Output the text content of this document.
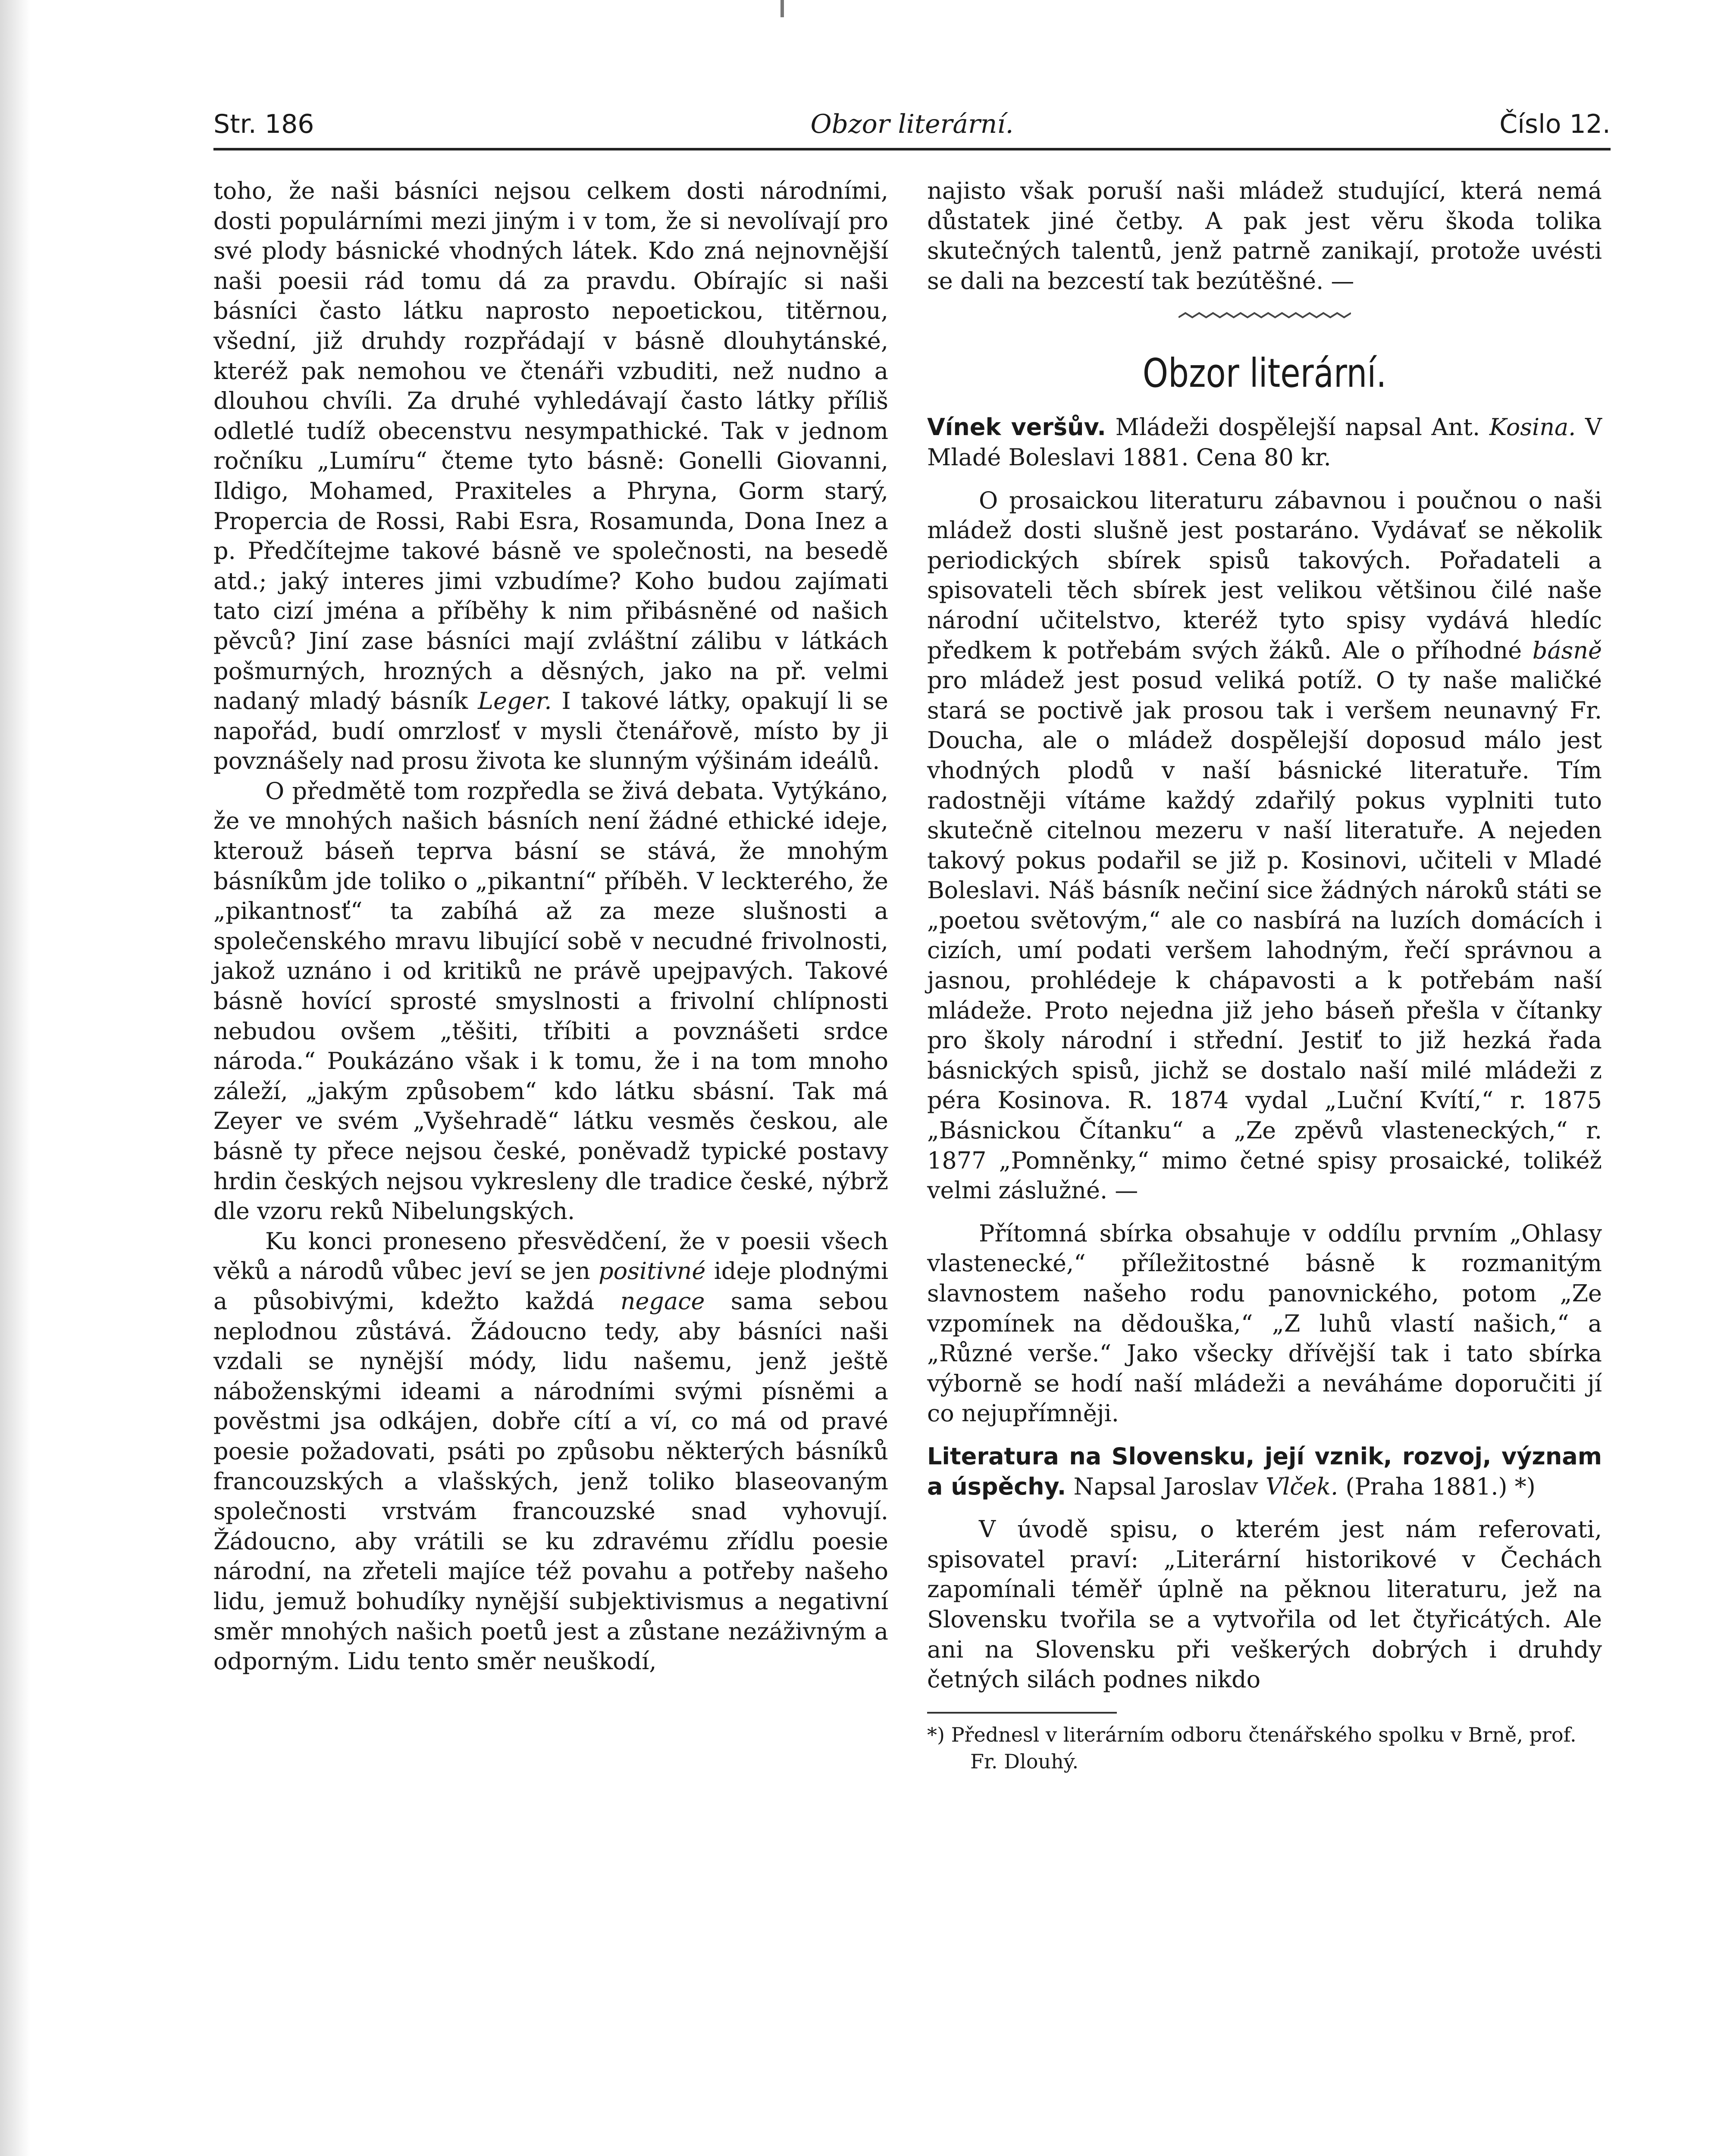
Str. 186	Obzor literární.	Číslo 12.

toho, že naši básníci nejsou celkem dosti národními, dosti populárními mezi jiným i v tom, že si nevolívají pro své plody básnické vhodných látek. Kdo zná nejnovnější naši poesii rád tomu dá za pravdu. Obírajíc si naši básníci často látku naprosto nepoetickou, titěrnou, všední, již druhdy rozpřádají v básně dlouhytánské, kteréž pak nemohou ve čtenáři vzbuditi, než nudno a dlouhou chvíli. Za druhé vyhledávají často látky příliš odletlé tudíž obecenstvu nesympathické. Tak v jednom ročníku „Lumíru“ čteme tyto básně: Gonelli Giovanni, Ildigo, Mohamed, Praxiteles a Phryna, Gorm starý, Propercia de Rossi, Rabi Esra, Rosamunda, Dona Inez a p. Předčítejme takové básně ve společnosti, na besedě atd.; jaký interes jimi vzbudíme? Koho budou zajímati tato cizí jména a příběhy k nim přibásněné od našich pěvců? Jiní zase básníci mají zvláštní zálibu v látkách pošmurných, hrozných a děsných, jako na př. velmi nadaný mladý básník Leger. I takové látky, opakují li se napořád, budí omrzlosť v mysli čtenářově, místo by ji povznášely nad prosu života ke slunným výšinám ideálů.

O předmětě tom rozpředla se živá debata. Vytýkáno, že ve mnohých našich básních není žádné ethické ideje, kterouž báseň teprva básní se stává, že mnohým básníkům jde toliko o „pikantní“ příběh. V leckterého, že „pikantnosť“ ta zabíhá až za meze slušnosti a společenského mravu libující sobě v necudné frivolnosti, jakož uznáno i od kritiků ne právě upejpavých. Takové básně hovící sprosté smyslnosti a frivolní chlípnosti nebudou ovšem „těšiti, tříbiti a povznášeti srdce národa.“ Poukázáno však i k tomu, že i na tom mnoho záleží, „jakým způsobem“ kdo látku sbásní. Tak má Zeyer ve svém „Vyšehradě“ látku vesměs českou, ale básně ty přece nejsou české, poněvadž typické postavy hrdin českých nejsou vykresleny dle tradice české, nýbrž dle vzoru reků Nibelungských.

Ku konci proneseno přesvědčení, že v poesii všech věků a národů vůbec jeví se jen positivné ideje plodnými a působivými, kdežto každá negace sama sebou neplodnou zůstává. Žádoucno tedy, aby básníci naši vzdali se nynější módy, lidu našemu, jenž ještě náboženskými ideami a národními svými písněmi a pověstmi jsa odkájen, dobře cítí a ví, co má od pravé poesie požadovati, psáti po způsobu některých básníků francouzských a vlašských, jenž toliko blaseovaným společnosti vrstvám francouzské snad vyhovují. Žádoucno, aby vrátili se ku zdravému zřídlu poesie národní, na zřeteli majíce též povahu a potřeby našeho lidu, jemuž bohudíky nynější subjektivismus a negativní směr mnohých našich poetů jest a zůstane nezáživným a odporným. Lidu tento směr neuškodí,

najisto však poruší naši mládež studující, která nemá důstatek jiné četby. A pak jest věru škoda tolika skutečných talentů, jenž patrně zanikají, protože uvésti se dali na bezcestí tak bezútěšné. —

Obzor literární.

Vínek veršův. Mládeži dospělejší napsal Ant. Kosina. V Mladé Boleslavi 1881. Cena 80 kr.

O prosaickou literaturu zábavnou i poučnou o naši mládež dosti slušně jest postaráno. Vydávať se několik periodických sbírek spisů takových. Pořadateli a spisovateli těch sbírek jest velikou většinou čilé naše národní učitelstvo, kteréž tyto spisy vydává hledíc předkem k potřebám svých žáků. Ale o příhodné básně pro mládež jest posud veliká potíž. O ty naše maličké stará se poctivě jak prosou tak i veršem neunavný Fr. Doucha, ale o mládež dospělejší doposud málo jest vhodných plodů v naší básnické literatuře. Tím radostněji vítáme každý zdařilý pokus vyplniti tuto skutečně citelnou mezeru v naší literatuře. A nejeden takový pokus podařil se již p. Kosinovi, učiteli v Mladé Boleslavi. Náš básník nečiní sice žádných nároků státi se „poetou světovým,“ ale co nasbírá na luzích domácích i cizích, umí podati veršem lahodným, řečí správnou a jasnou, prohlédeje k chápavosti a k potřebám naší mládeže. Proto nejedna již jeho báseň přešla v čítanky pro školy národní i střední. Jestiť to již hezká řada básnických spisů, jichž se dostalo naší milé mládeži z péra Kosinova. R. 1874 vydal „Luční Kvítí,“ r. 1875 „Básnickou Čítanku“ a „Ze zpěvů vlasteneckých,“ r. 1877 „Pomněnky,“ mimo četné spisy prosaické, tolikéž velmi záslužné. —

Přítomná sbírka obsahuje v oddílu prvním „Ohlasy vlastenecké,“ příležitostné básně k rozmanitým slavnostem našeho rodu panovnického, potom „Ze vzpomínek na dědouška,“ „Z luhů vlastí našich,“ a „Různé verše.“ Jako všecky dřívější tak i tato sbírka výborně se hodí naší mládeži a neváháme doporučiti jí co nejupřímněji.

Literatura na Slovensku, její vznik, rozvoj, význam a úspěchy. Napsal Jaroslav Vlček. (Praha 1881.) *)

V úvodě spisu, o kterém jest nám referovati, spisovatel praví: „Literární historikové v Čechách zapomínali téměř úplně na pěknou literaturu, jež na Slovensku tvořila se a vytvořila od let čtyřicátých. Ale ani na Slovensku při veškerých dobrých i druhdy četných silách podnes nikdo

*) Přednesl v literárním odboru čtenářského spolku v Brně, prof. Fr. Dlouhý.
